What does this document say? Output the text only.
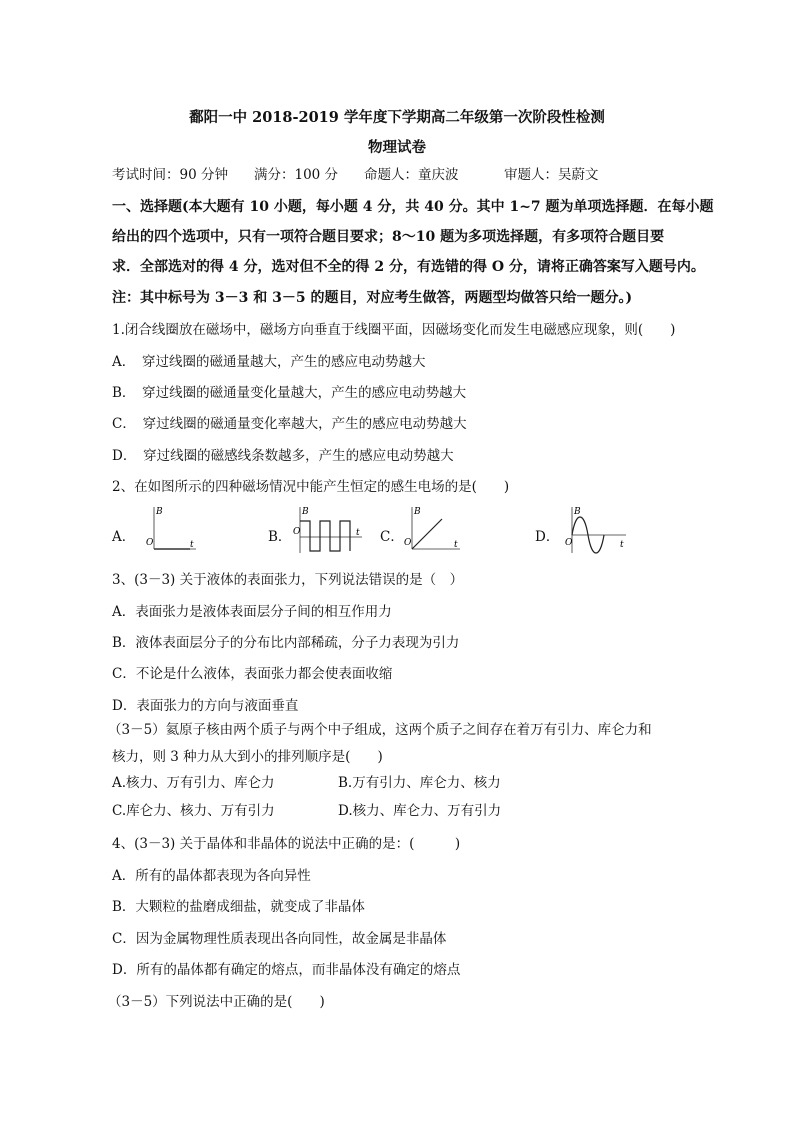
鄱阳一中 2018-2019 学年度下学期高二年级第一次阶段性检测
物理试卷
考试时间：90 分钟 满分：100 分 命题人：童庆波	审题人：吴蔚文
一、选择题(本大题有 10 小题，每小题 4 分，共 40 分。其中 1~7 题为单项选择题．在每小题
给出的四个选项中，只有一项符合题目要求；8～10 题为多项选择题，有多项符合题目要
求．全部选对的得 4 分，选对但不全的得 2 分，有选错的得 O 分，请将正确答案写入题号内。
注：其中标号为 3－3 和 3－5 的题目，对应考生做答，两题型均做答只给一题分。)
1.闭合线圈放在磁场中，磁场方向垂直于线圈平面，因磁场变化而发生电磁感应现象，则(　　)
A．　穿过线圈的磁通量越大，产生的感应电动势越大
B．　穿过线圈的磁通量变化量越大，产生的感应电动势越大
C．　穿过线圈的磁通量变化率越大，产生的感应电动势越大
D．　穿过线圈的磁感线条数越多，产生的感应电动势越大
2、在如图所示的四种磁场情况中能产生恒定的感生电场的是(　　)
A．
B
O	t	B．
B
O	t C．
B
O	t	D．
B
O	t
3、(3－3) 关于液体的表面张力，下列说法错误的是（　）
A．表面张力是液体表面层分子间的相互作用力
B．液体表面层分子的分布比内部稀疏，分子力表现为引力
C．不论是什么液体，表面张力都会使表面收缩
D．表面张力的方向与液面垂直
（3－5）氦原子核由两个质子与两个中子组成，这两个质子之间存在着万有引力、库仑力和
核力，则 3 种力从大到小的排列顺序是(　　)
A.核力、万有引力、库仑力	B.万有引力、库仑力、核力
C.库仑力、核力、万有引力	D.核力、库仑力、万有引力
4、(3－3) 关于晶体和非晶体的说法中正确的是：(　　　)
A．所有的晶体都表现为各向异性
B．大颗粒的盐磨成细盐，就变成了非晶体
C．因为金属物理性质表现出各向同性，故金属是非晶体
D．所有的晶体都有确定的熔点，而非晶体没有确定的熔点
（3－5）下列说法中正确的是(　　)
